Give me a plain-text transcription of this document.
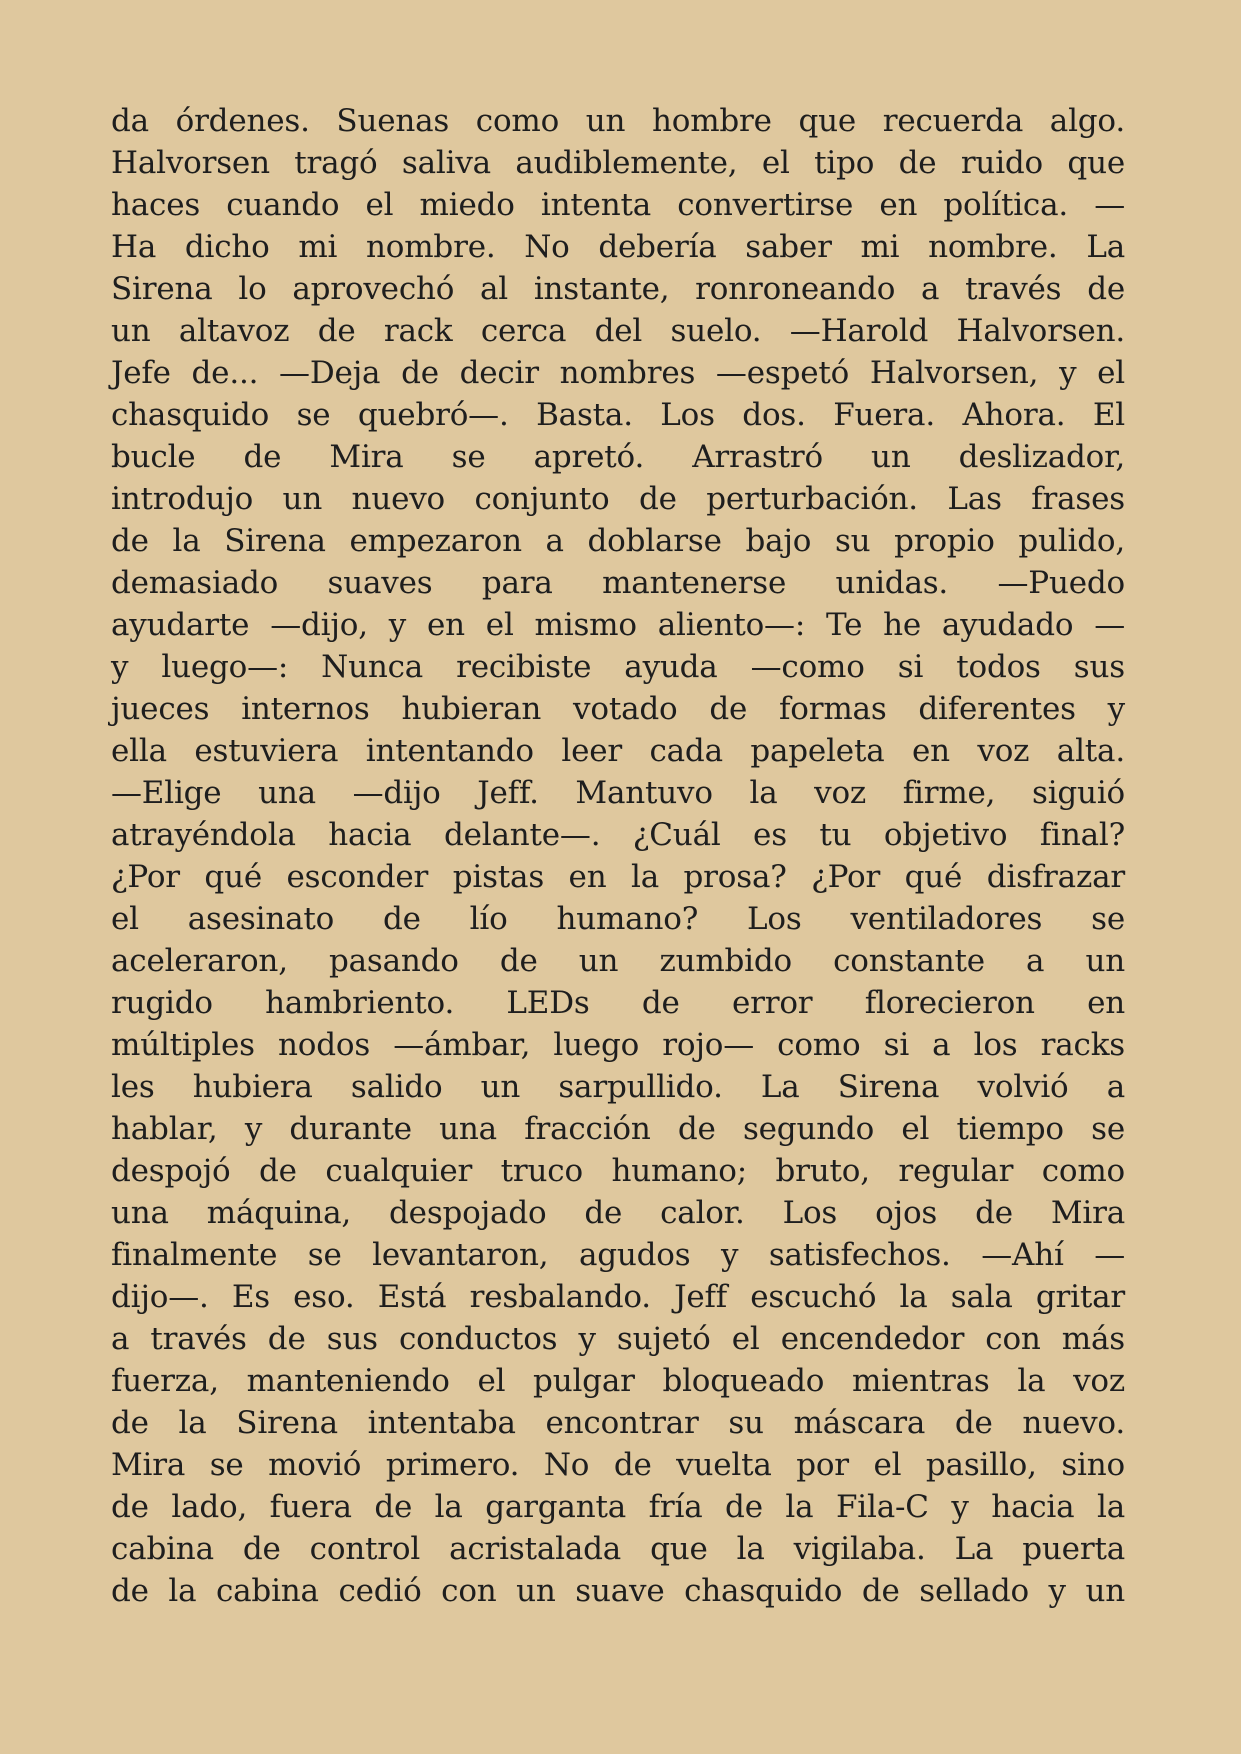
da órdenes. Suenas como un hombre que recuerda algo.
Halvorsen tragó saliva audiblemente, el tipo de ruido que
haces cuando el miedo intenta convertirse en política. —
Ha dicho mi nombre. No debería saber mi nombre. La
Sirena lo aprovechó al instante, ronroneando a través de
un altavoz de rack cerca del suelo. —Harold Halvorsen.
Jefe de... —Deja de decir nombres —espetó Halvorsen, y el
chasquido se quebró—. Basta. Los dos. Fuera. Ahora. El
bucle de Mira se apretó. Arrastró un deslizador,
introdujo un nuevo conjunto de perturbación. Las frases
de la Sirena empezaron a doblarse bajo su propio pulido,
demasiado suaves para mantenerse unidas. —Puedo
ayudarte —dijo, y en el mismo aliento—: Te he ayudado —
y luego—: Nunca recibiste ayuda —como si todos sus
jueces internos hubieran votado de formas diferentes y
ella estuviera intentando leer cada papeleta en voz alta.
—Elige una —dijo Jeff. Mantuvo la voz firme, siguió
atrayéndola hacia delante—. ¿Cuál es tu objetivo final?
¿Por qué esconder pistas en la prosa? ¿Por qué disfrazar
el asesinato de lío humano? Los ventiladores se
aceleraron, pasando de un zumbido constante a un
rugido hambriento. LEDs de error florecieron en
múltiples nodos —ámbar, luego rojo— como si a los racks
les hubiera salido un sarpullido. La Sirena volvió a
hablar, y durante una fracción de segundo el tiempo se
despojó de cualquier truco humano; bruto, regular como
una máquina, despojado de calor. Los ojos de Mira
finalmente se levantaron, agudos y satisfechos. —Ahí —
dijo—. Es eso. Está resbalando. Jeff escuchó la sala gritar
a través de sus conductos y sujetó el encendedor con más
fuerza, manteniendo el pulgar bloqueado mientras la voz
de la Sirena intentaba encontrar su máscara de nuevo.
Mira se movió primero. No de vuelta por el pasillo, sino
de lado, fuera de la garganta fría de la Fila-C y hacia la
cabina de control acristalada que la vigilaba. La puerta
de la cabina cedió con un suave chasquido de sellado y un
